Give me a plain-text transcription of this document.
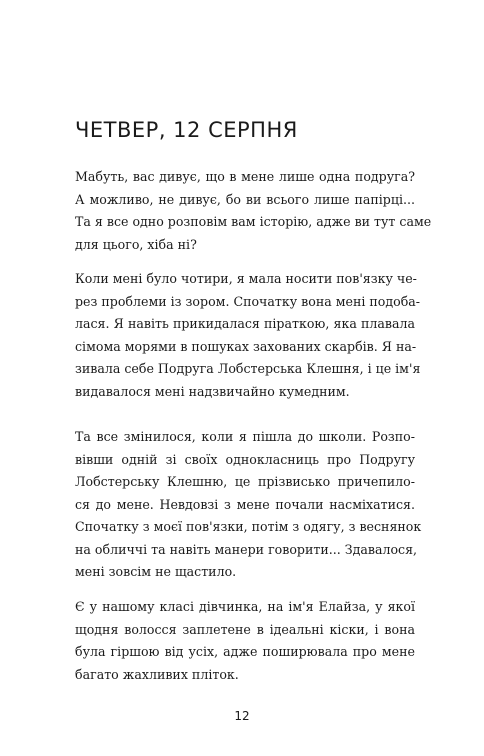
ЧЕТВЕР, 12 СЕРПНЯ
Мабуть, вас дивує, що в мене лише одна подруга?
А можливо, не дивує, бо ви всього лише папірці...
Та я все одно розповім вам історію, адже ви тут саме
для цього, хіба ні?
Коли мені було чотири, я мала носити пов'язку че-
рез проблеми із зором. Спочатку вона мені подоба-
лася. Я навіть прикидалася піраткою, яка плавала
сімома морями в пошуках захованих скарбів. Я на-
зивала себе Подруга Лобстерська Клешня, і це ім'я
видавалося мені надзвичайно кумедним.
Та все змінилося, коли я пішла до школи. Розпо-
вівши одній зі своїх однокласниць про Подругу
Лобстерську Клешню, це прізвисько причепило-
ся до мене. Невдовзі з мене почали насміхатися.
Спочатку з моєї пов'язки, потім з одягу, з веснянок
на обличчі та навіть манери говорити... Здавалося,
мені зовсім не щастило.
Є у нашому класі дівчинка, на ім'я Елайза, у якої
щодня волосся заплетене в ідеальні кіски, і вона
була гіршою від усіх, адже поширювала про мене
багато жахливих пліток.
12
